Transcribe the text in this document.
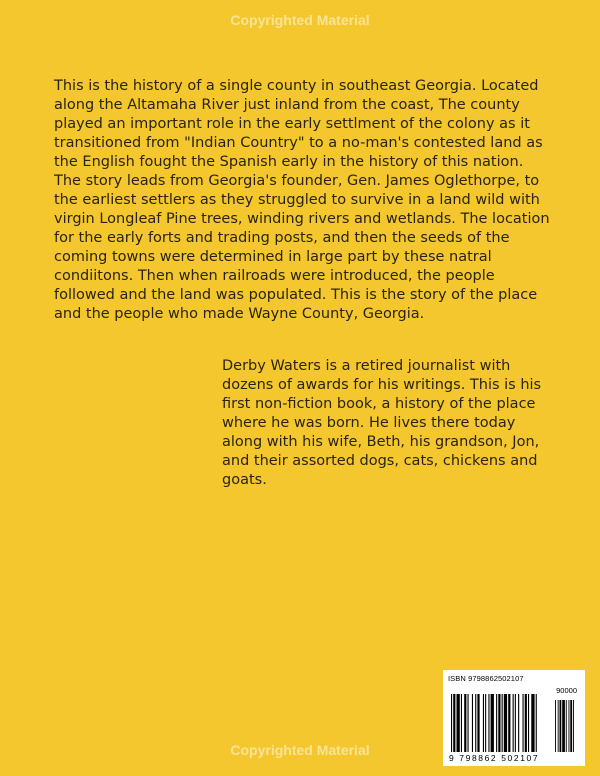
Copyrighted Material

This is the history of a single county in southeast Georgia. Located along the Altamaha River just inland from the coast, The county played an important role in the early settlment of the colony as it transitioned from "Indian Country" to a no-man's contested land as the English fought the Spanish early in the history of this nation. The story leads from Georgia's founder, Gen. James Oglethorpe, to the earliest settlers as they struggled to survive in a land wild with virgin Longleaf Pine trees, winding rivers and wetlands. The location for the early forts and trading posts, and then the seeds of the coming towns were determined in large part by these natral condiitons. Then when railroads were introduced, the people followed and the land was populated. This is the story of the place and the people who made Wayne County, Georgia.

Derby Waters is a retired journalist with dozens of awards for his writings. This is his first non-fiction book, a history of the place where he was born. He lives there today along with his wife, Beth, his grandson, Jon, and their assorted dogs, cats, chickens and goats.

ISBN 9798862502107
90000
9 798862 502107
Copyrighted Material
